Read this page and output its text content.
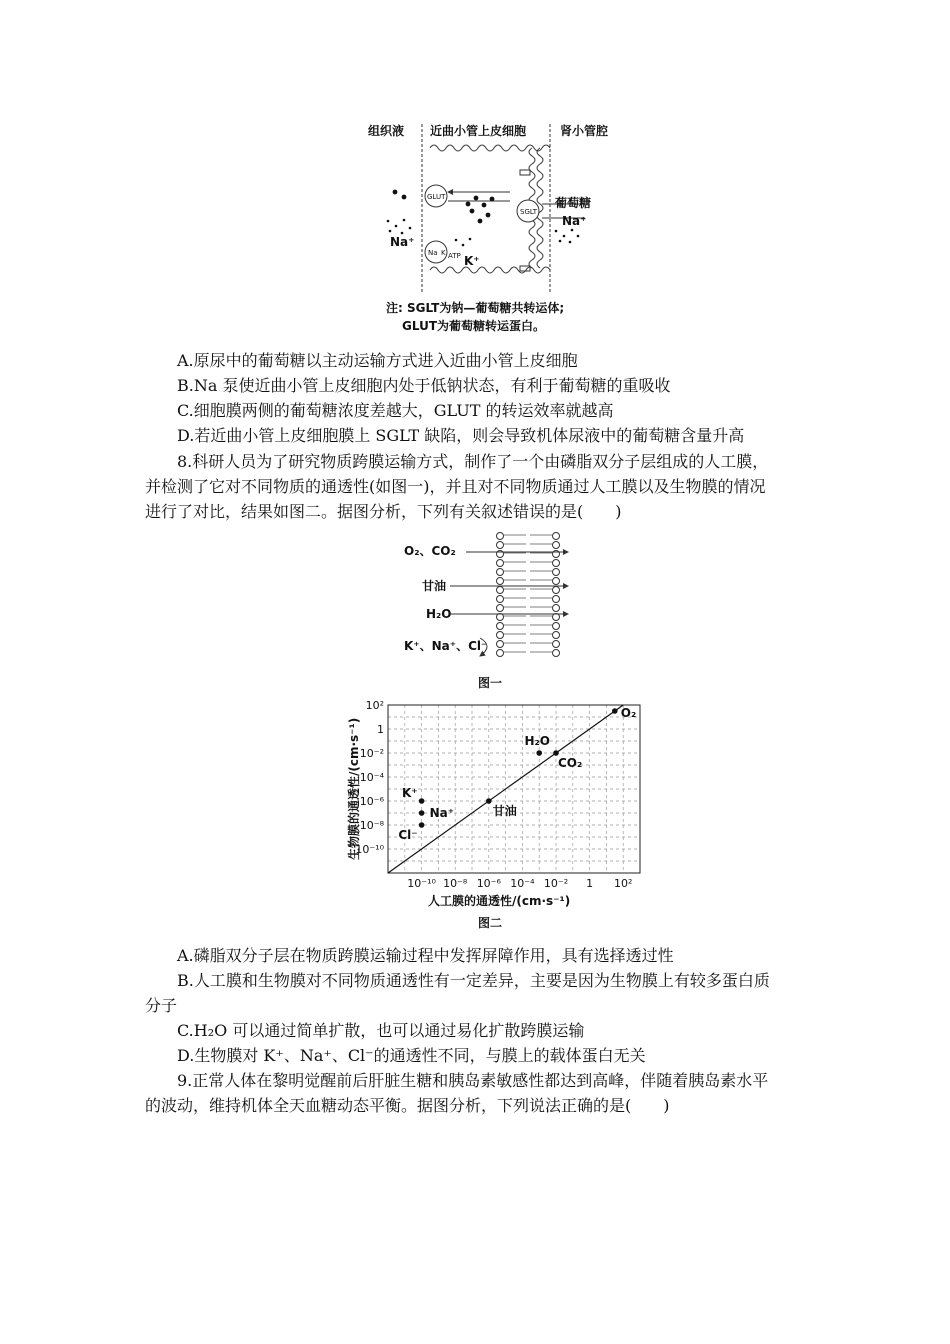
组织液 近曲小管上皮细胞	肾小管腔
GLUT
SGLT
葡萄糖
Na⁺
Na K ATP
Na⁺
K⁺
注: SGLT为钠—葡萄糖共转运体;
GLUT为葡萄糖转运蛋白。
A.原尿中的葡萄糖以主动运输方式进入近曲小管上皮细胞
B.Na 泵使近曲小管上皮细胞内处于低钠状态，有利于葡萄糖的重吸收
C.细胞膜两侧的葡萄糖浓度差越大，GLUT 的转运效率就越高
D.若近曲小管上皮细胞膜上 SGLT 缺陷，则会导致机体尿液中的葡萄糖含量升高
8.科研人员为了研究物质跨膜运输方式，制作了一个由磷脂双分子层组成的人工膜，
并检测了它对不同物质的通透性(如图一)，并且对不同物质通过人工膜以及生物膜的情况
进行了对比，结果如图二。据图分析，下列有关叙述错误的是(　　)
O₂、CO₂
甘油
H₂O
K⁺、Na⁺、Cl⁻
图一
10⁻¹⁰ 10⁻⁸ 10⁻⁶ 10⁻⁴ 10⁻² 1 10²
10²
1
10⁻²
10⁻⁴
10⁻⁶
10⁻⁸
10⁻¹⁰
O₂
H₂O
CO₂
甘油
K⁺
Na⁺
Cl⁻
人工膜的通透性/(cm·s⁻¹)
生物膜的通透性/(cm·s⁻¹)
图二
A.磷脂双分子层在物质跨膜运输过程中发挥屏障作用，具有选择透过性
B.人工膜和生物膜对不同物质通透性有一定差异，主要是因为生物膜上有较多蛋白质
分子
C.H₂O 可以通过简单扩散，也可以通过易化扩散跨膜运输
D.生物膜对 K⁺、Na⁺、Cl⁻的通透性不同，与膜上的载体蛋白无关
9.正常人体在黎明觉醒前后肝脏生糖和胰岛素敏感性都达到高峰，伴随着胰岛素水平
的波动，维持机体全天血糖动态平衡。据图分析，下列说法正确的是(　　)
